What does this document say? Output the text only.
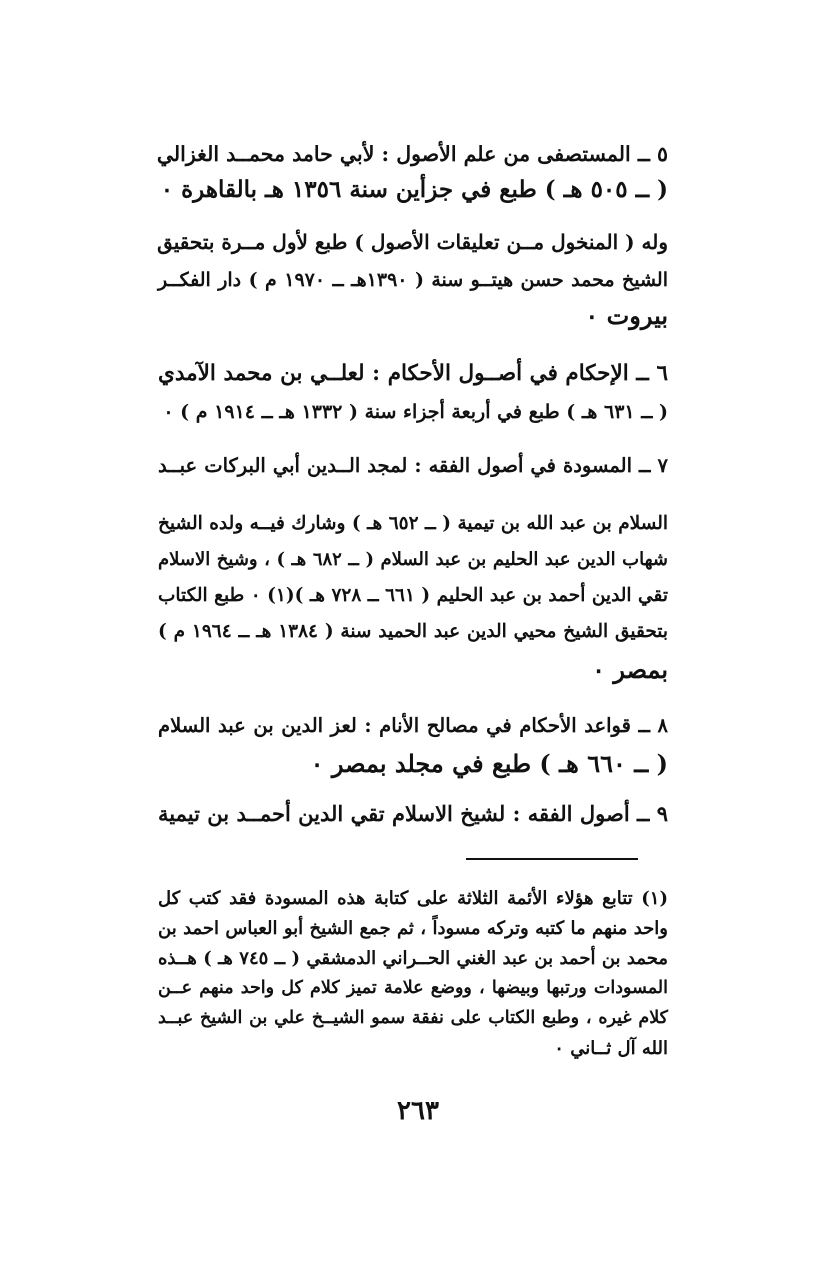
٥ ــ المستصفى من علم الأصول : لأبي حامد محمــد الغزالي
( ــ ٥٠٥ هـ ) طبع في جزأين سنة ١٣٥٦ هـ بالقاهرة ٠
وله ( المنخول مــن تعليقات الأصول ) طبع لأول مــرة بتحقيق
الشيخ محمد حسن هيتــو سنة ( ١٣٩٠هـ ــ ١٩٧٠ م ) دار الفكــر
بيروت ٠
٦ ــ الإحكام في أصــول الأحكام : لعلــي بن محمد الآمدي
( ــ ٦٣١ هـ ) طبع في أربعة أجزاء سنة ( ١٣٣٢ هـ ــ ١٩١٤ م ) ٠
٧ ــ المسودة في أصول الفقه : لمجد الــدين أبي البركات عبــد
السلام بن عبد الله بن تيمية ( ــ ٦٥٢ هـ ) وشارك فيــه ولده الشيخ
شهاب الدين عبد الحليم بن عبد السلام ( ــ ٦٨٢ هـ ) ، وشيخ الاسلام
تقي الدين أحمد بن عبد الحليم ( ٦٦١ ــ ٧٢٨ هـ )(١) ٠ طبع الكتاب
بتحقيق الشيخ محيي الدين عبد الحميد سنة ( ١٣٨٤ هـ ــ ١٩٦٤ م )
بمصر ٠
٨ ــ قواعد الأحكام في مصالح الأنام : لعز الدين بن عبد السلام
( ــ ٦٦٠ هـ ) طبع في مجلد بمصر ٠
٩ ــ أصول الفقه : لشيخ الاسلام تقي الدين أحمــد بن تيمية
(١) تتابع هؤلاء الأئمة الثلاثة على كتابة هذه المسودة فقد كتب كل
واحد منهم ما كتبه وتركه مسوداً ، ثم جمع الشيخ أبو العباس احمد بن
محمد بن أحمد بن عبد الغني الحــراني الدمشقي ( ــ ٧٤٥ هـ ) هــذه
المسودات ورتبها وبيضها ، ووضع علامة تميز كلام كل واحد منهم عــن
كلام غيره ، وطبع الكتاب على نفقة سمو الشيــخ علي بن الشيخ عبــد
الله آل ثــاني ٠
٢٦٣
